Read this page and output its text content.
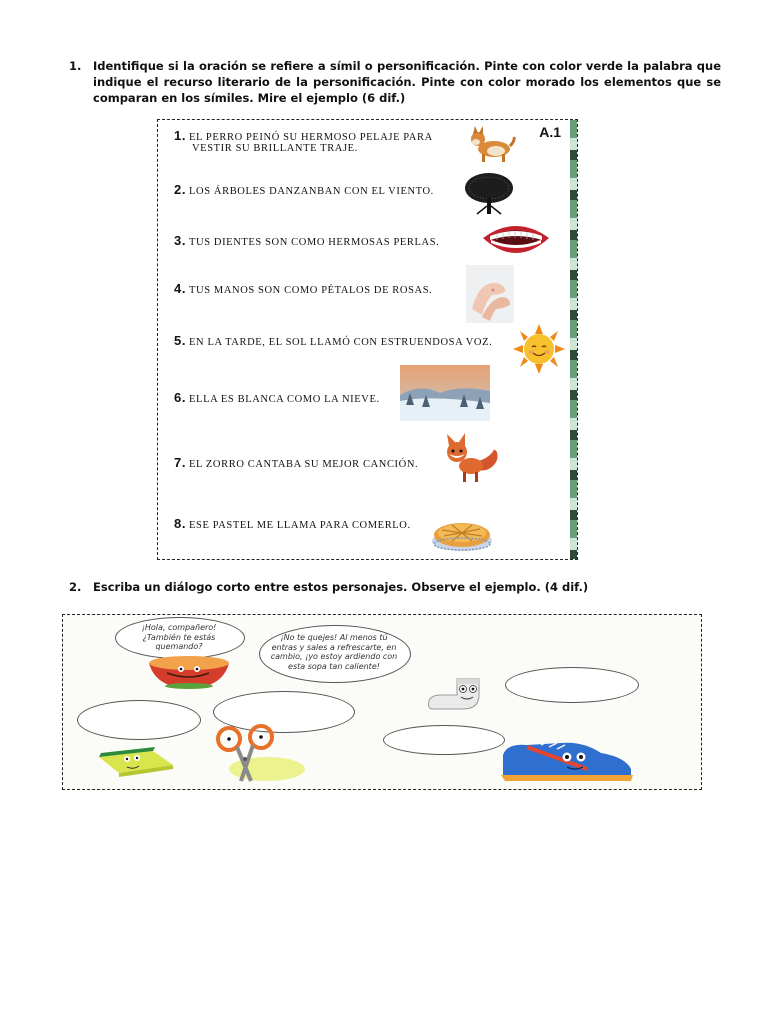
1. Identifique si la oración se refiere a símil o personificación. Pinte con color verde la palabra que indique el recurso literario de la personificación. Pinte con color morado los elementos que se comparan en los símiles. Mire el ejemplo (6 dif.)
A.1
1. EL PERRO PEINÓ SU HERMOSO PELAJE PARA
VESTIR SU BRILLANTE TRAJE.
2. LOS ÁRBOLES DANZANBAN CON EL VIENTO.
3. TUS DIENTES SON COMO HERMOSAS PERLAS.
4. TUS MANOS SON COMO PÉTALOS DE ROSAS.
5. EN LA TARDE, EL SOL LLAMÓ CON ESTRUENDOSA VOZ.
6. ELLA ES BLANCA COMO LA NIEVE.
7. EL ZORRO CANTABA SU MEJOR CANCIÓN.
8. ESE PASTEL ME LLAMA PARA COMERLO.
2. Escriba un diálogo corto entre estos personajes. Observe el ejemplo. (4 dif.)
¡Hola, compañero! ¿También te estás quemando?
¡No te quejes! Al menos tú entras y sales a refrescarte, en cambio, ¡yo estoy ardiendo con esta sopa tan caliente!
